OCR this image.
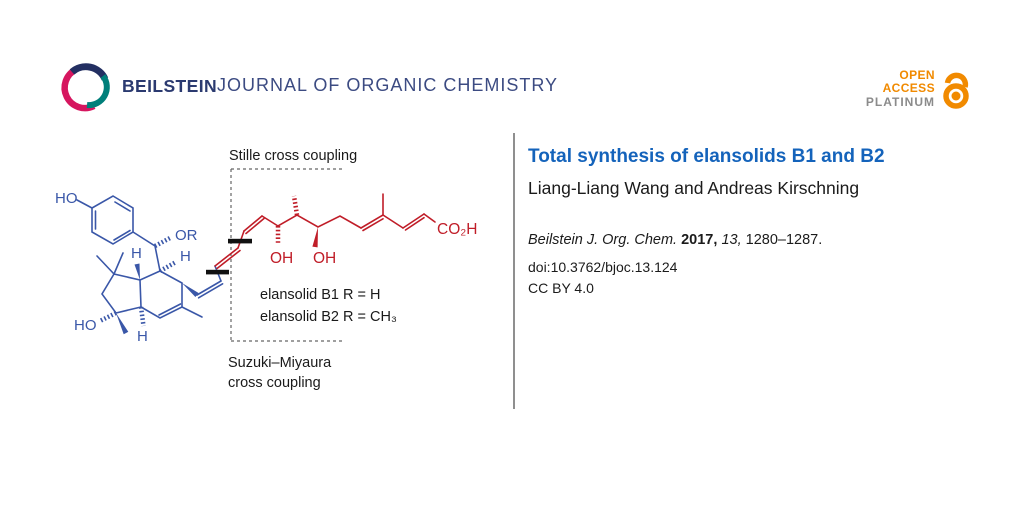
BEILSTEIN JOURNAL OF ORGANIC CHEMISTRY	OPEN
ACCESS
PLATINUM
HO
OR
H	H
H
HO
OH OH
CO₂H
Stille cross coupling
elansolid B1 R = H
elansolid B2 R = CH₃
Suzuki–Miyaura
cross coupling
Total synthesis of elansolids B1 and B2
Liang-Liang Wang and Andreas Kirschning
Beilstein J. Org. Chem. 2017, 13, 1280–1287.
doi:10.3762/bjoc.13.124
CC BY 4.0
